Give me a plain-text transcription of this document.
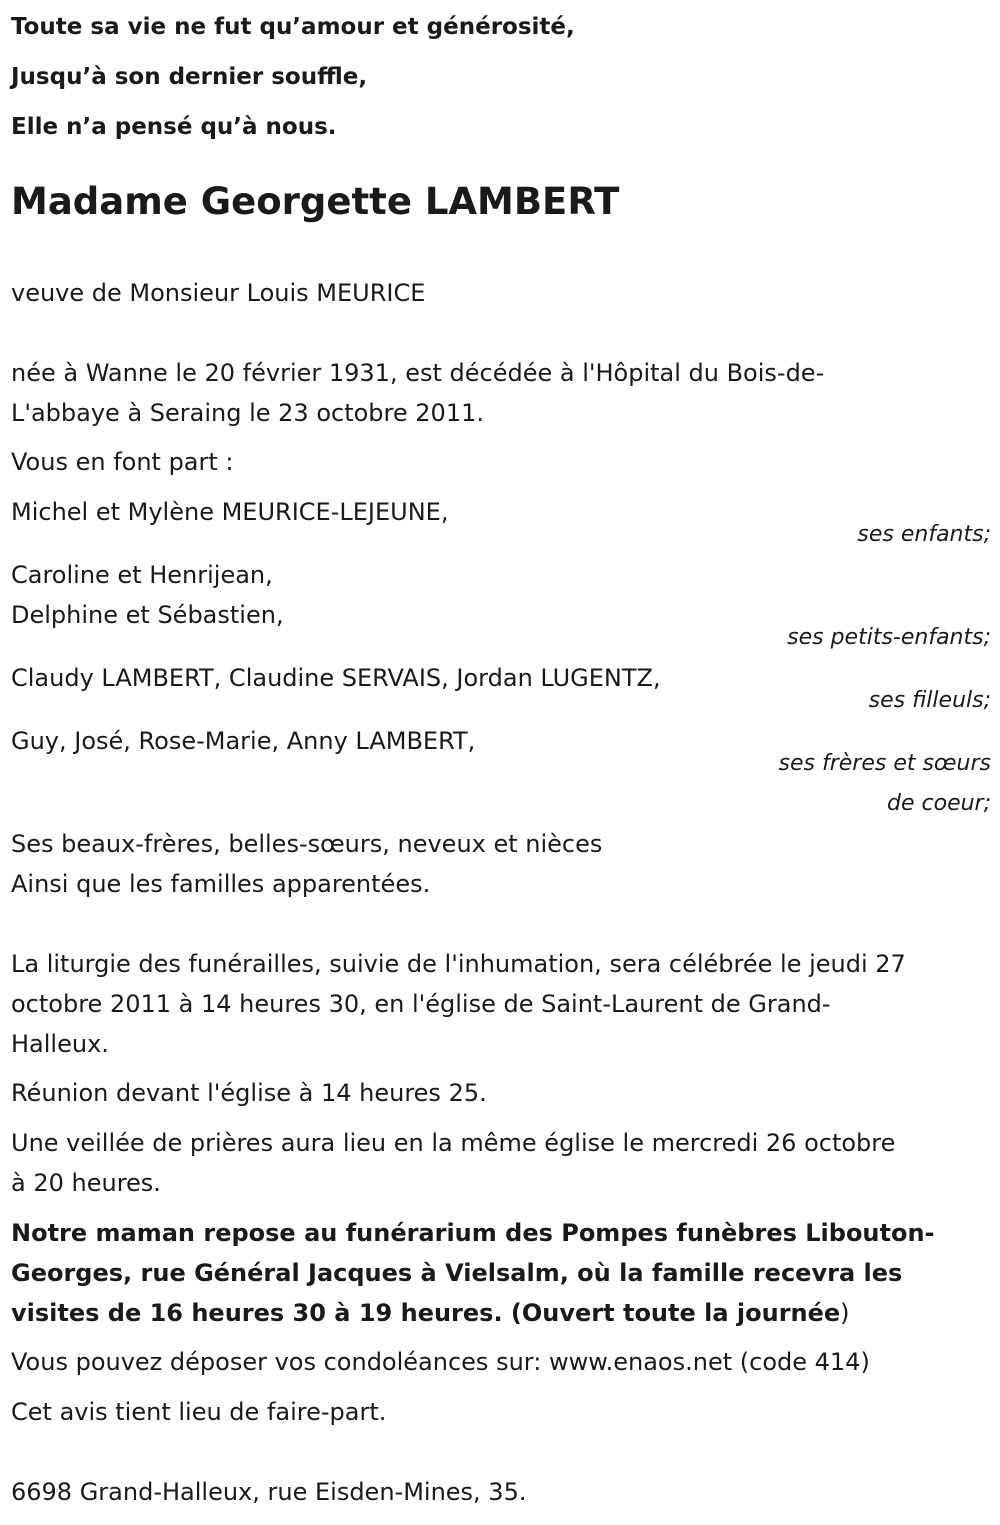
Toute sa vie ne fut qu’amour et générosité,
Jusqu’à son dernier souffle,
Elle n’a pensé qu’à nous.
Madame Georgette LAMBERT
veuve de Monsieur Louis MEURICE
née à Wanne le 20 février 1931, est décédée à l'Hôpital du Bois-de-
L'abbaye à Seraing le 23 octobre 2011.
Vous en font part :
Michel et Mylène MEURICE-LEJEUNE,
ses enfants;
Caroline et Henrijean,
Delphine et Sébastien,
ses petits-enfants;
Claudy LAMBERT, Claudine SERVAIS, Jordan LUGENTZ,
ses filleuls;
Guy, José, Rose-Marie, Anny LAMBERT,
ses frères et sœurs
de coeur;
Ses beaux-frères, belles-sœurs, neveux et nièces
Ainsi que les familles apparentées.
La liturgie des funérailles, suivie de l'inhumation, sera célébrée le jeudi 27
octobre 2011 à 14 heures 30, en l'église de Saint-Laurent de Grand-
Halleux.
Réunion devant l'église à 14 heures 25.
Une veillée de prières aura lieu en la même église le mercredi 26 octobre
à 20 heures.
Notre maman repose au funérarium des Pompes funèbres Libouton-
Georges, rue Général Jacques à Vielsalm, où la famille recevra les
visites de 16 heures 30 à 19 heures. (Ouvert toute la journée)
Vous pouvez déposer vos condoléances sur: www.enaos.net (code 414)
Cet avis tient lieu de faire-part.
6698 Grand-Halleux, rue Eisden-Mines, 35.
